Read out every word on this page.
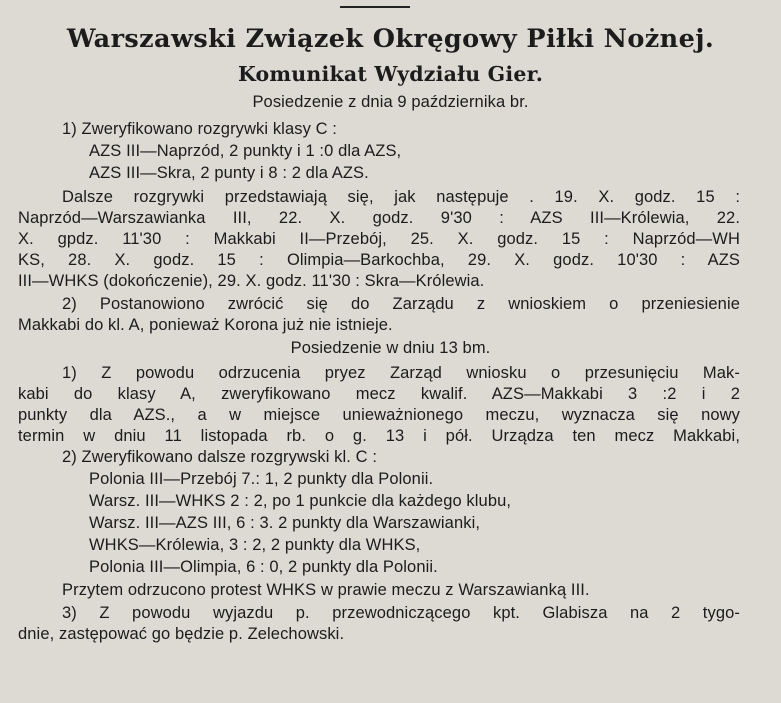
Warszawski Związek Okręgowy Piłki Nożnej.
Komunikat Wydziału Gier.

Posiedzenie z dnia 9 października br.

1) Zweryfikowano rozgrywki klasy C :

AZS III—Naprzód, 2 punkty i 1 :0 dla AZS,

AZS III—Skra, 2 punty i 8 : 2 dla AZS.

Dalsze rozgrywki przedstawiają się, jak następuje . 19. X. godz. 15 :

Naprzód—Warszawianka III, 22. X. godz. 9'30 : AZS III—Królewia, 22.

X. gpdz. 11'30 : Makkabi II—Przebój, 25. X. godz. 15 : Naprzód—WH

KS, 28. X. godz. 15 : Olimpia—Barkochba, 29. X. godz. 10'30 : AZS

III—WHKS (dokończenie), 29. X. godz. 11'30 : Skra—Królewia.

2) Postanowiono zwrócić się do Zarządu z wnioskiem o przeniesienie

Makkabi do kl. A, ponieważ Korona już nie istnieje.

Posiedzenie w dniu 13 bm.

1) Z powodu odrzucenia pryez Zarząd wniosku o przesunięciu Mak-

kabi do klasy A, zweryfikowano mecz kwalif. AZS—Makkabi 3 :2 i 2

punkty dla AZS., a w miejsce unieważnionego meczu, wyznacza się nowy

termin w dniu 11 listopada rb. o g. 13 i pół. Urządza ten mecz Makkabi,

2) Zweryfikowano dalsze rozgrywski kl. C :

Polonia III—Przebój 7.: 1, 2 punkty dla Polonii.

Warsz. III—WHKS 2 : 2, po 1 punkcie dla każdego klubu,

Warsz. III—AZS III, 6 : 3. 2 punkty dla Warszawianki,

WHKS—Królewia, 3 : 2, 2 punkty dla WHKS,

Polonia III—Olimpia, 6 : 0, 2 punkty dla Polonii.

Przytem odrzucono protest WHKS w prawie meczu z Warszawianką III.

3) Z powodu wyjazdu p. przewodniczącego kpt. Glabisza na 2 tygo-

dnie, zastępować go będzie p. Zelechowski.
